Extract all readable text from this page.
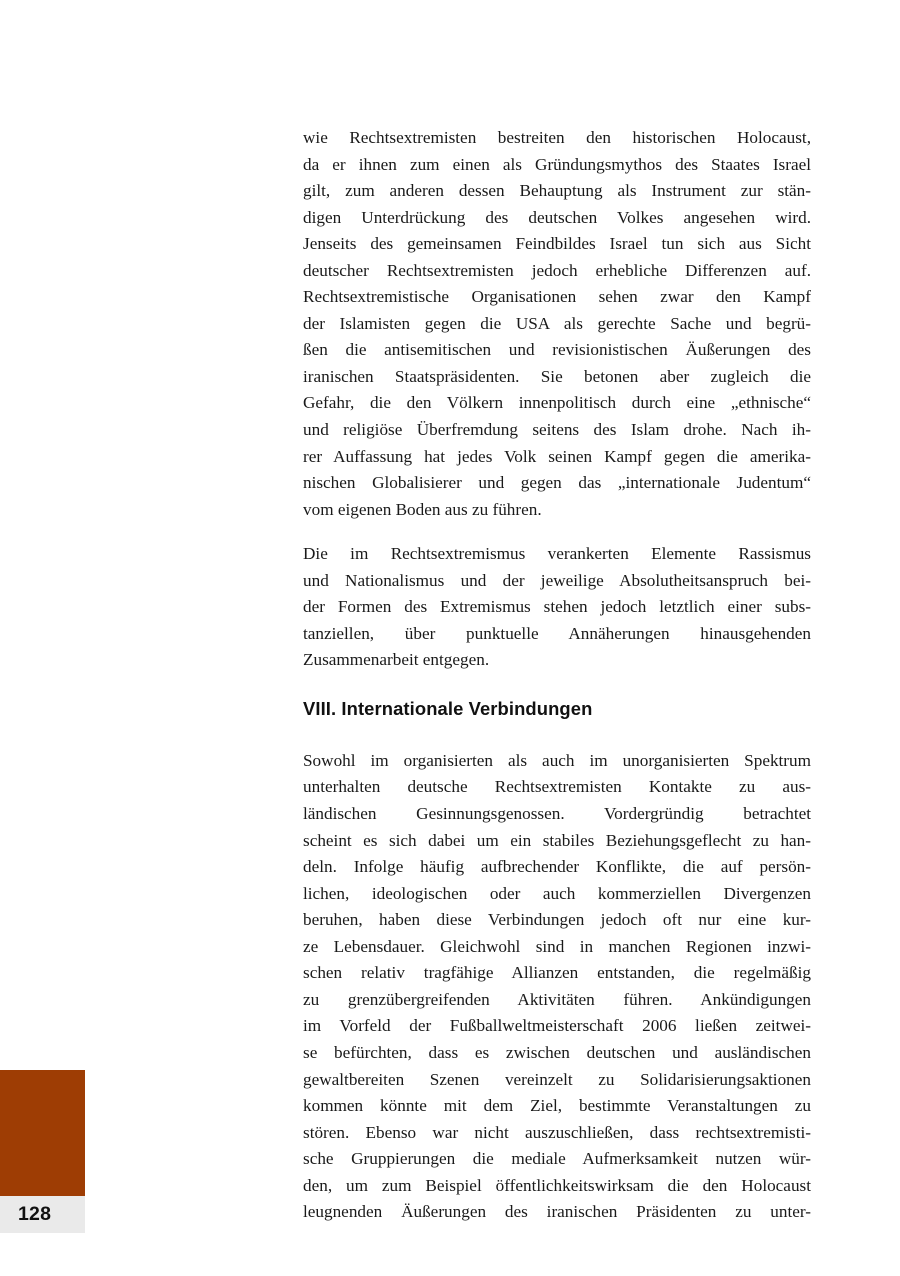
wie Rechtsextremisten bestreiten den historischen Holocaust,
da er ihnen zum einen als Gründungsmythos des Staates Israel
gilt, zum anderen dessen Behauptung als Instrument zur stän-
digen Unterdrückung des deutschen Volkes angesehen wird.
Jenseits des gemeinsamen Feindbildes Israel tun sich aus Sicht
deutscher Rechtsextremisten jedoch erhebliche Differenzen auf.
Rechtsextremistische Organisationen sehen zwar den Kampf
der Islamisten gegen die USA als gerechte Sache und begrü-
ßen die antisemitischen und revisionistischen Äußerungen des
iranischen Staatspräsidenten. Sie betonen aber zugleich die
Gefahr, die den Völkern innenpolitisch durch eine „ethnische“
und religiöse Überfremdung seitens des Islam drohe. Nach ih-
rer Auffassung hat jedes Volk seinen Kampf gegen die amerika-
nischen Globalisierer und gegen das „internationale Judentum“
vom eigenen Boden aus zu führen.

Die im Rechtsextremismus verankerten Elemente Rassismus
und Nationalismus und der jeweilige Absolutheitsanspruch bei-
der Formen des Extremismus stehen jedoch letztlich einer subs-
tanziellen, über punktuelle Annäherungen hinausgehenden
Zusammenarbeit entgegen.

VIII. Internationale Verbindungen

Sowohl im organisierten als auch im unorganisierten Spektrum
unterhalten deutsche Rechtsextremisten Kontakte zu aus-
ländischen Gesinnungsgenossen. Vordergründig betrachtet
scheint es sich dabei um ein stabiles Beziehungsgeflecht zu han-
deln. Infolge häufig aufbrechender Konflikte, die auf persön-
lichen, ideologischen oder auch kommerziellen Divergenzen
beruhen, haben diese Verbindungen jedoch oft nur eine kur-
ze Lebensdauer. Gleichwohl sind in manchen Regionen inzwi-
schen relativ tragfähige Allianzen entstanden, die regelmäßig
zu grenzübergreifenden Aktivitäten führen. Ankündigungen
im Vorfeld der Fußballweltmeisterschaft 2006 ließen zeitwei-
se befürchten, dass es zwischen deutschen und ausländischen
gewaltbereiten Szenen vereinzelt zu Solidarisierungsaktionen
kommen könnte mit dem Ziel, bestimmte Veranstaltungen zu
stören. Ebenso war nicht auszuschließen, dass rechtsextremisti-
sche Gruppierungen die mediale Aufmerksamkeit nutzen wür-
den, um zum Beispiel öffentlichkeitswirksam die den Holocaust
leugnenden Äußerungen des iranischen Präsidenten zu unter-

128
